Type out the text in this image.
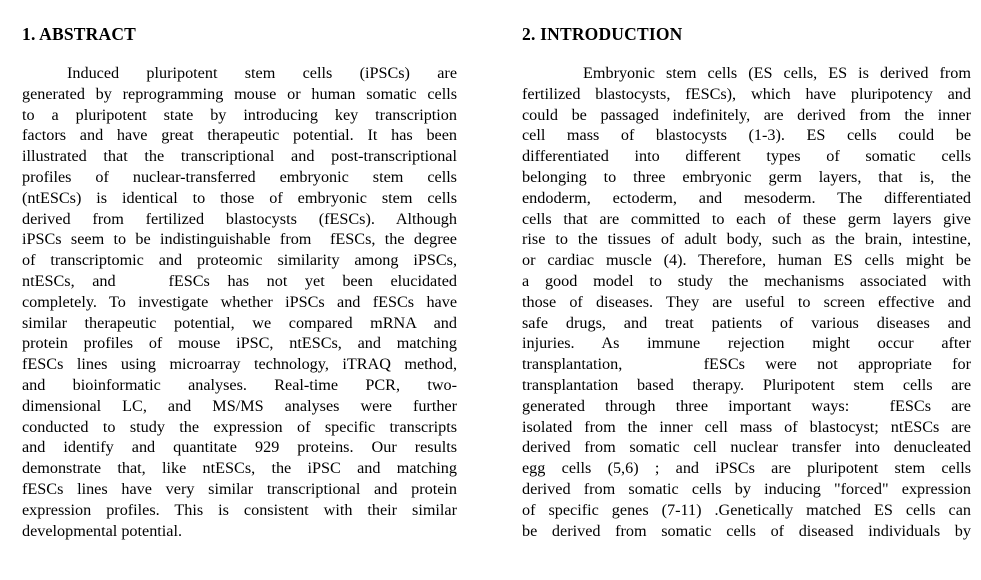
1. ABSTRACT
Induced pluripotent stem cells (iPSCs) are
generated by reprogramming mouse or human somatic cells
to a pluripotent state by introducing key transcription
factors and have great therapeutic potential. It has been
illustrated that the transcriptional and post-transcriptional
profiles of nuclear-transferred embryonic stem cells
(ntESCs) is identical to those of embryonic stem cells
derived from fertilized blastocysts (fESCs). Although
iPSCs seem to be indistinguishable from  fESCs, the degree
of transcriptomic and proteomic similarity among iPSCs,
ntESCs, and   fESCs has not yet been elucidated
completely. To investigate whether iPSCs and fESCs have
similar therapeutic potential, we compared mRNA and
protein profiles of mouse iPSC, ntESCs, and matching
fESCs lines using microarray technology, iTRAQ method,
and bioinformatic analyses. Real-time PCR, two-
dimensional LC, and MS/MS analyses were further
conducted to study the expression of specific transcripts
and identify and quantitate 929 proteins. Our results
demonstrate that, like ntESCs, the iPSC and matching
fESCs lines have very similar transcriptional and protein
expression profiles. This is consistent with their similar
developmental potential.
2. INTRODUCTION
Embryonic stem cells (ES cells, ES is derived from
fertilized blastocysts, fESCs), which have pluripotency and
could be passaged indefinitely, are derived from the inner
cell mass of blastocysts (1-3). ES cells could be
differentiated into different types of somatic cells
belonging to three embryonic germ layers, that is, the
endoderm, ectoderm, and mesoderm. The differentiated
cells that are committed to each of these germ layers give
rise to the tissues of adult body, such as the brain, intestine,
or cardiac muscle (4). Therefore, human ES cells might be
a good model to study the mechanisms associated with
those of diseases. They are useful to screen effective and
safe drugs, and treat patients of various diseases and
injuries. As immune rejection might occur after
transplantation,    fESCs were not appropriate for
transplantation based therapy. Pluripotent stem cells are
generated through three important ways:  fESCs are
isolated from the inner cell mass of blastocyst; ntESCs are
derived from somatic cell nuclear transfer into denucleated
egg cells (5,6) ; and iPSCs are pluripotent stem cells
derived from somatic cells by inducing "forced" expression
of specific genes (7-11) .Genetically matched ES cells can
be derived from somatic cells of diseased individuals by
